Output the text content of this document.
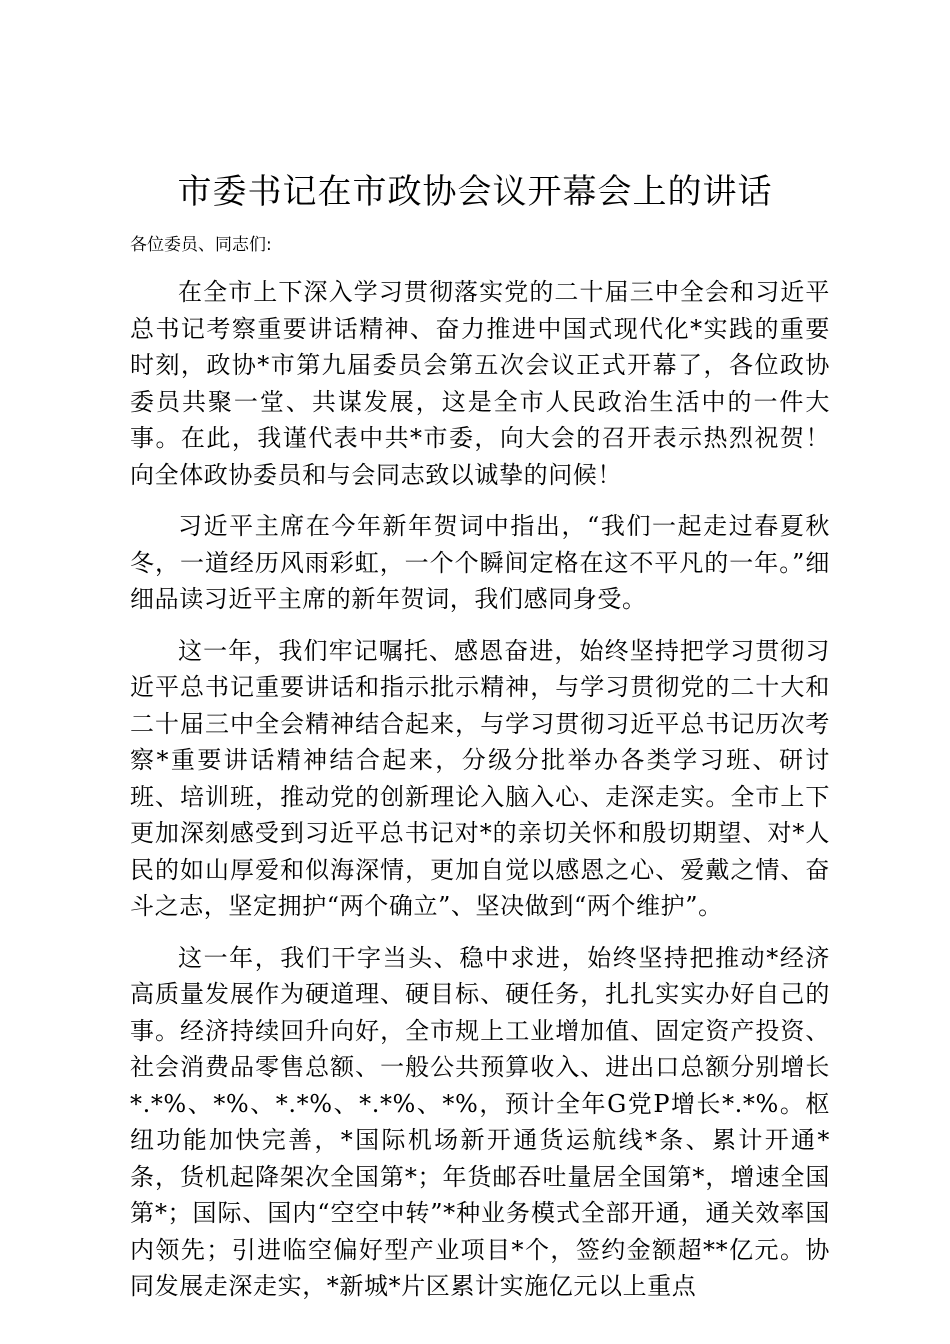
市委书记在市政协会议开幕会上的讲话

各位委员、同志们:

在全市上下深入学习贯彻落实党的二十届三中全会和习近平总书记考察重要讲话精神、奋力推进中国式现代化*实践的重要时刻，政协*市第九届委员会第五次会议正式开幕了，各位政协委员共聚一堂、共谋发展，这是全市人民政治生活中的一件大事。在此，我谨代表中共*市委，向大会的召开表示热烈祝贺！向全体政协委员和与会同志致以诚挚的问候！

习近平主席在今年新年贺词中指出，“我们一起走过春夏秋冬，一道经历风雨彩虹，一个个瞬间定格在这不平凡的一年。”细细品读习近平主席的新年贺词，我们感同身受。

这一年，我们牢记嘱托、感恩奋进，始终坚持把学习贯彻习近平总书记重要讲话和指示批示精神，与学习贯彻党的二十大和二十届三中全会精神结合起来，与学习贯彻习近平总书记历次考察*重要讲话精神结合起来，分级分批举办各类学习班、研讨班、培训班，推动党的创新理论入脑入心、走深走实。全市上下更加深刻感受到习近平总书记对*的亲切关怀和殷切期望、对*人民的如山厚爱和似海深情，更加自觉以感恩之心、爱戴之情、奋斗之志，坚定拥护“两个确立”、坚决做到“两个维护”。

这一年，我们干字当头、稳中求进，始终坚持把推动*经济高质量发展作为硬道理、硬目标、硬任务，扎扎实实办好自己的事。经济持续回升向好，全市规上工业增加值、固定资产投资、社会消费品零售总额、一般公共预算收入、进出口总额分别增长*.*%、*%、*.*%、*.*%、*%，预计全年G党P增长*.*%。枢纽功能加快完善，*国际机场新开通货运航线*条、累计开通*条，货机起降架次全国第*；年货邮吞吐量居全国第*，增速全国第*；国际、国内“空空中转”*种业务模式全部开通，通关效率国内领先；引进临空偏好型产业项目*个，签约金额超**亿元。协同发展走深走实，*新城*片区累计实施亿元以上重点
